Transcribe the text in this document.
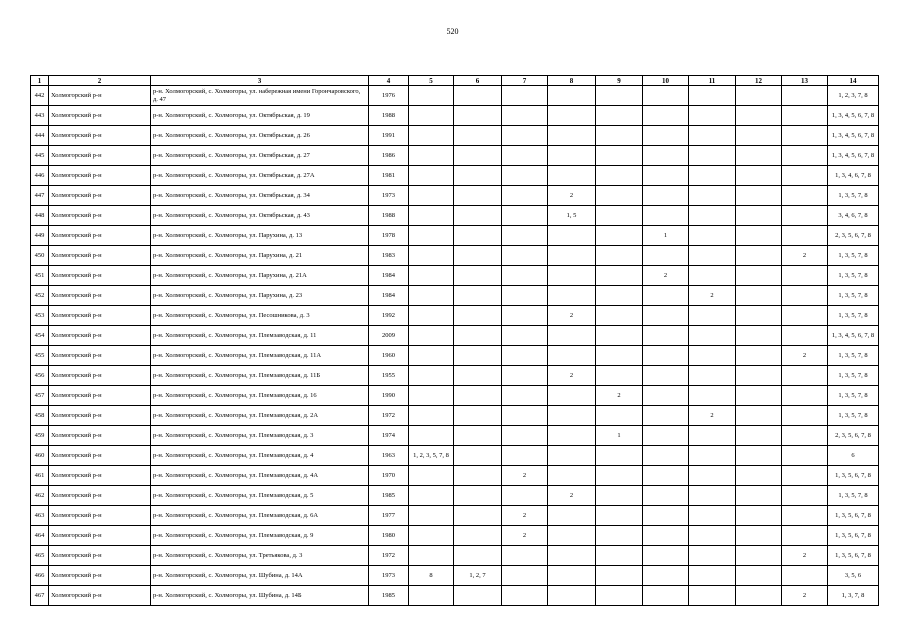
520
1	2	3	4	5	6	7	8	9	10	11	12	13	14
442	Холмогорский р-н	р-н. Холмогорский, с. Холмогоры, ул. набережная имени Горончаровского, д. 47	1976										1, 2, 3, 7, 8
443	Холмогорский р-н	р-н. Холмогорский, с. Холмогоры, ул. Октябрьская, д. 19	1988										1, 3, 4, 5, 6, 7, 8
444	Холмогорский р-н	р-н. Холмогорский, с. Холмогоры, ул. Октябрьская, д. 26	1991										1, 3, 4, 5, 6, 7, 8
445	Холмогорский р-н	р-н. Холмогорский, с. Холмогоры, ул. Октябрьская, д. 27	1986										1, 3, 4, 5, 6, 7, 8
446	Холмогорский р-н	р-н. Холмогорский, с. Холмогоры, ул. Октябрьская, д. 27А	1981										1, 3, 4, 6, 7, 8
447	Холмогорский р-н	р-н. Холмогорский, с. Холмогоры, ул. Октябрьская, д. 34	1973				2						1, 3, 5, 7, 8
448	Холмогорский р-н	р-н. Холмогорский, с. Холмогоры, ул. Октябрьская, д. 43	1988				1, 5						3, 4, 6, 7, 8
449	Холмогорский р-н	р-н. Холмогорский, с. Холмогоры, ул. Парухина, д. 13	1978						1				2, 3, 5, 6, 7, 8
450	Холмогорский р-н	р-н. Холмогорский, с. Холмогоры, ул. Парухина, д. 21	1983									2	1, 3, 5, 7, 8
451	Холмогорский р-н	р-н. Холмогорский, с. Холмогоры, ул. Парухина, д. 21А	1984						2				1, 3, 5, 7, 8
452	Холмогорский р-н	р-н. Холмогорский, с. Холмогоры, ул. Парухина, д. 23	1984							2			1, 3, 5, 7, 8
453	Холмогорский р-н	р-н. Холмогорский, с. Холмогоры, ул. Песошникова, д. 3	1992				2						1, 3, 5, 7, 8
454	Холмогорский р-н	р-н. Холмогорский, с. Холмогоры, ул. Племзаводская, д. 11	2009										1, 3, 4, 5, 6, 7, 8
455	Холмогорский р-н	р-н. Холмогорский, с. Холмогоры, ул. Племзаводская, д. 11А	1960									2	1, 3, 5, 7, 8
456	Холмогорский р-н	р-н. Холмогорский, с. Холмогоры, ул. Племзаводская, д. 11Б	1955				2						1, 3, 5, 7, 8
457	Холмогорский р-н	р-н. Холмогорский, с. Холмогоры, ул. Племзаводская, д. 16	1990					2					1, 3, 5, 7, 8
458	Холмогорский р-н	р-н. Холмогорский, с. Холмогоры, ул. Племзаводская, д. 2А	1972							2			1, 3, 5, 7, 8
459	Холмогорский р-н	р-н. Холмогорский, с. Холмогоры, ул. Племзаводская, д. 3	1974					1					2, 3, 5, 6, 7, 8
460	Холмогорский р-н	р-н. Холмогорский, с. Холмогоры, ул. Племзаводская, д. 4	1963	1, 2, 3, 5, 7, 8									6
461	Холмогорский р-н	р-н. Холмогорский, с. Холмогоры, ул. Племзаводская, д. 4А	1970			2							1, 3, 5, 6, 7, 8
462	Холмогорский р-н	р-н. Холмогорский, с. Холмогоры, ул. Племзаводская, д. 5	1985				2						1, 3, 5, 7, 8
463	Холмогорский р-н	р-н. Холмогорский, с. Холмогоры, ул. Племзаводская, д. 6А	1977			2							1, 3, 5, 6, 7, 8
464	Холмогорский р-н	р-н. Холмогорский, с. Холмогоры, ул. Племзаводская, д. 9	1980			2							1, 3, 5, 6, 7, 8
465	Холмогорский р-н	р-н. Холмогорский, с. Холмогоры, ул. Третьякова, д. 3	1972									2	1, 3, 5, 6, 7, 8
466	Холмогорский р-н	р-н. Холмогорский, с. Холмогоры, ул. Шубина, д. 14А	1973	8	1, 2, 7								3, 5, 6
467	Холмогорский р-н	р-н. Холмогорский, с. Холмогоры, ул. Шубина, д. 14Б	1985									2	1, 3, 7, 8
